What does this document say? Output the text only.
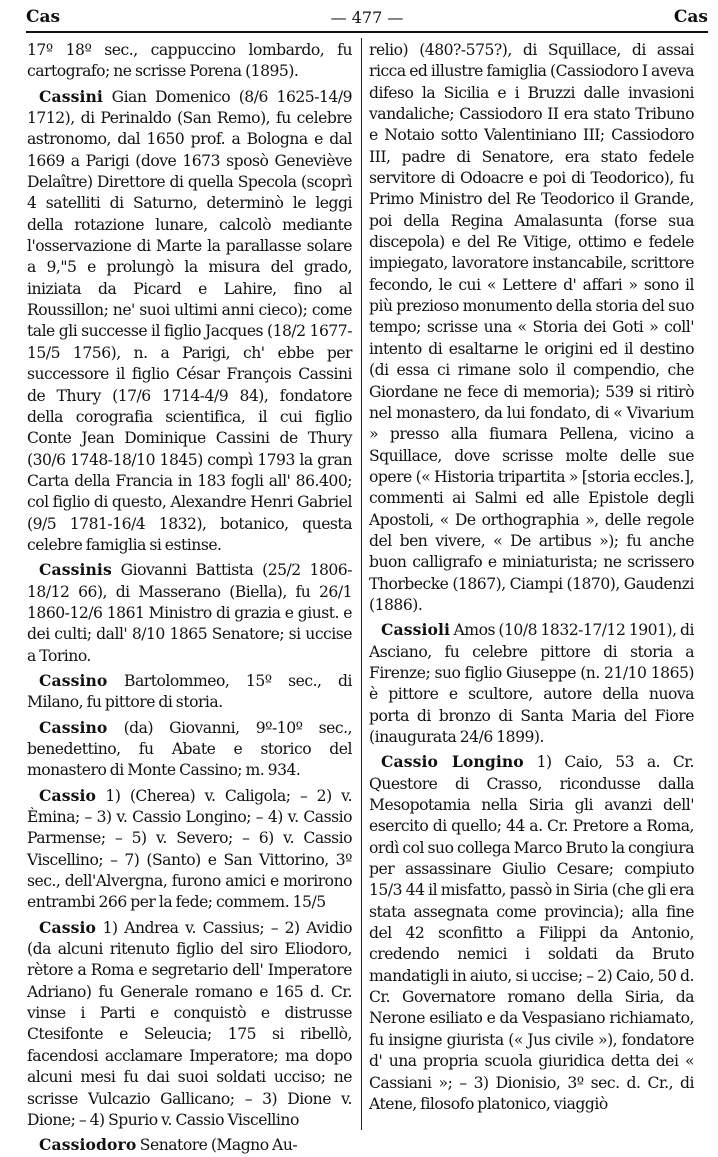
Cas	— 477 —	Cas

17º 18º sec., cappuccino lombardo, fu cartografo; ne scrisse Porena (1895).

Cassini Gian Domenico (8/6 1625-14/9 1712), di Perinaldo (San Remo), fu celebre astronomo, dal 1650 prof. a Bologna e dal 1669 a Parigi (dove 1673 sposò Geneviève Delaître) Direttore di quella Specola (scoprì 4 satelliti di Saturno, determinò le leggi della rotazione lunare, calcolò mediante l'osservazione di Marte la parallasse solare a 9,"5 e prolungò la misura del grado, iniziata da Picard e Lahire, fino al Roussillon; ne' suoi ultimi anni cieco); come tale gli successe il figlio Jacques (18/2 1677-15/5 1756), n. a Parigi, ch' ebbe per successore il figlio César François Cassini de Thury (17/6 1714-4/9 84), fondatore della corografia scientifica, il cui figlio Conte Jean Dominique Cassini de Thury (30/6 1748-18/10 1845) compì 1793 la gran Carta della Francia in 183 fogli all' 86.400; col figlio di questo, Alexandre Henri Gabriel (9/5 1781-16/4 1832), botanico, questa celebre famiglia si estinse.

Cassinis Giovanni Battista (25/2 1806-18/12 66), di Masserano (Biella), fu 26/1 1860-12/6 1861 Ministro di grazia e giust. e dei culti; dall' 8/10 1865 Senatore; si uccise a Torino.

Cassino Bartolommeo, 15º sec., di Milano, fu pittore di storia.

Cassino (da) Giovanni, 9º-10º sec., benedettino, fu Abate e storico del monastero di Monte Cassino; m. 934.

Cassio 1) (Cherea) v. Caligola; – 2) v. Èmina; – 3) v. Cassio Longino; – 4) v. Cassio Parmense; – 5) v. Severo; – 6) v. Cassio Viscellino; – 7) (Santo) e San Vittorino, 3º sec., dell'Alvergna, furono amici e morirono entrambi 266 per la fede; commem. 15/5

Cassio 1) Andrea v. Cassius; – 2) Avidio (da alcuni ritenuto figlio del siro Eliodoro, rètore a Roma e segretario dell' Imperatore Adriano) fu Generale romano e 165 d. Cr. vinse i Parti e conquistò e distrusse Ctesifonte e Seleucia; 175 si ribellò, facendosi acclamare Imperatore; ma dopo alcuni mesi fu dai suoi soldati ucciso; ne scrisse Vulcazio Gallicano; – 3) Dione v. Dione; – 4) Spurio v. Cassio Viscellino

Cassiodoro Senatore (Magno Au-

relio) (480?-575?), di Squillace, di assai ricca ed illustre famiglia (Cassiodoro I aveva difeso la Sicilia e i Bruzzi dalle invasioni vandaliche; Cassiodoro II era stato Tribuno e Notaio sotto Valentiniano III; Cassiodoro III, padre di Senatore, era stato fedele servitore di Odoacre e poi di Teodorico), fu Primo Ministro del Re Teodorico il Grande, poi della Regina Amalasunta (forse sua discepola) e del Re Vitige, ottimo e fedele impiegato, lavoratore instancabile, scrittore fecondo, le cui « Lettere d' affari » sono il più prezioso monumento della storia del suo tempo; scrisse una « Storia dei Goti » coll' intento di esaltarne le origini ed il destino (di essa ci rimane solo il compendio, che Giordane ne fece di memoria); 539 si ritirò nel monastero, da lui fondato, di « Vivarium » presso alla fiumara Pellena, vicino a Squillace, dove scrisse molte delle sue opere (« Historia tripartita » [storia eccles.], commenti ai Salmi ed alle Epistole degli Apostoli, « De orthographia », delle regole del ben vivere, « De artibus »); fu anche buon calligrafo e miniaturista; ne scrissero Thorbecke (1867), Ciampi (1870), Gaudenzi (1886).

Cassioli Amos (10/8 1832-17/12 1901), di Asciano, fu celebre pittore di storia a Firenze; suo figlio Giuseppe (n. 21/10 1865) è pittore e scultore, autore della nuova porta di bronzo di Santa Maria del Fiore (inaugurata 24/6 1899).

Cassio Longino 1) Caio, 53 a. Cr. Questore di Crasso, ricondusse dalla Mesopotamia nella Siria gli avanzi dell' esercito di quello; 44 a. Cr. Pretore a Roma, ordì col suo collega Marco Bruto la congiura per assassinare Giulio Cesare; compiuto 15/3 44 il misfatto, passò in Siria (che gli era stata assegnata come provincia); alla fine del 42 sconfitto a Filippi da Antonio, credendo nemici i soldati da Bruto mandatigli in aiuto, si uccise; – 2) Caio, 50 d. Cr. Governatore romano della Siria, da Nerone esiliato e da Vespasiano richiamato, fu insigne giurista (« Jus civile »), fondatore d' una propria scuola giuridica detta dei « Cassiani »; – 3) Dionisio, 3º sec. d. Cr., di Atene, filosofo platonico, viaggiò
